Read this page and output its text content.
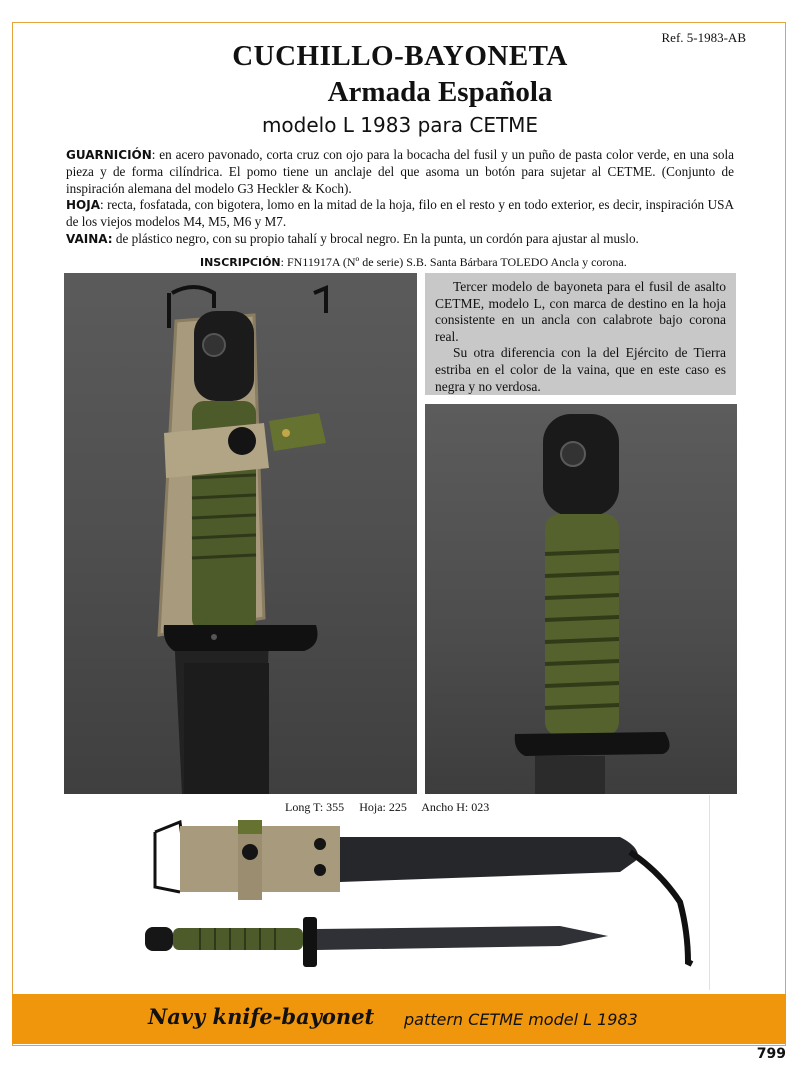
Ref. 5-1983-AB
CUCHILLO-BAYONETA
Armada Española
modelo L 1983 para CETME

GUARNICIÓN: en acero pavonado, corta cruz con ojo para la bocacha del fusil y un puño de pasta color verde, en una sola pieza y de forma cilíndrica. El pomo tiene un anclaje del que asoma un botón para sujetar al CETME. (Conjunto de inspiración alemana del modelo G3 Heckler & Koch).

HOJA: recta, fosfatada, con bigotera, lomo en la mitad de la hoja, filo en el resto y en todo exterior, es decir, inspiración USA de los viejos modelos M4, M5, M6 y M7.

VAINA: de plástico negro, con su propio tahalí y brocal negro. En la punta, un cordón para ajustar al muslo.

INSCRIPCIÓN: FN11917A (Nº de serie) S.B. Santa Bárbara TOLEDO Ancla y corona.

Tercer modelo de bayoneta para el fusil de asalto CETME, modelo L, con marca de destino en la hoja consistente en un ancla con calabrote bajo corona real.

Su otra diferencia con la del Ejército de Tierra estriba en el color de la vaina, que en este caso es negra y no verdosa.

Long T: 355 Hoja: 225 Ancho H: 023
Navy knife-bayonet pattern CETME model L 1983
799
